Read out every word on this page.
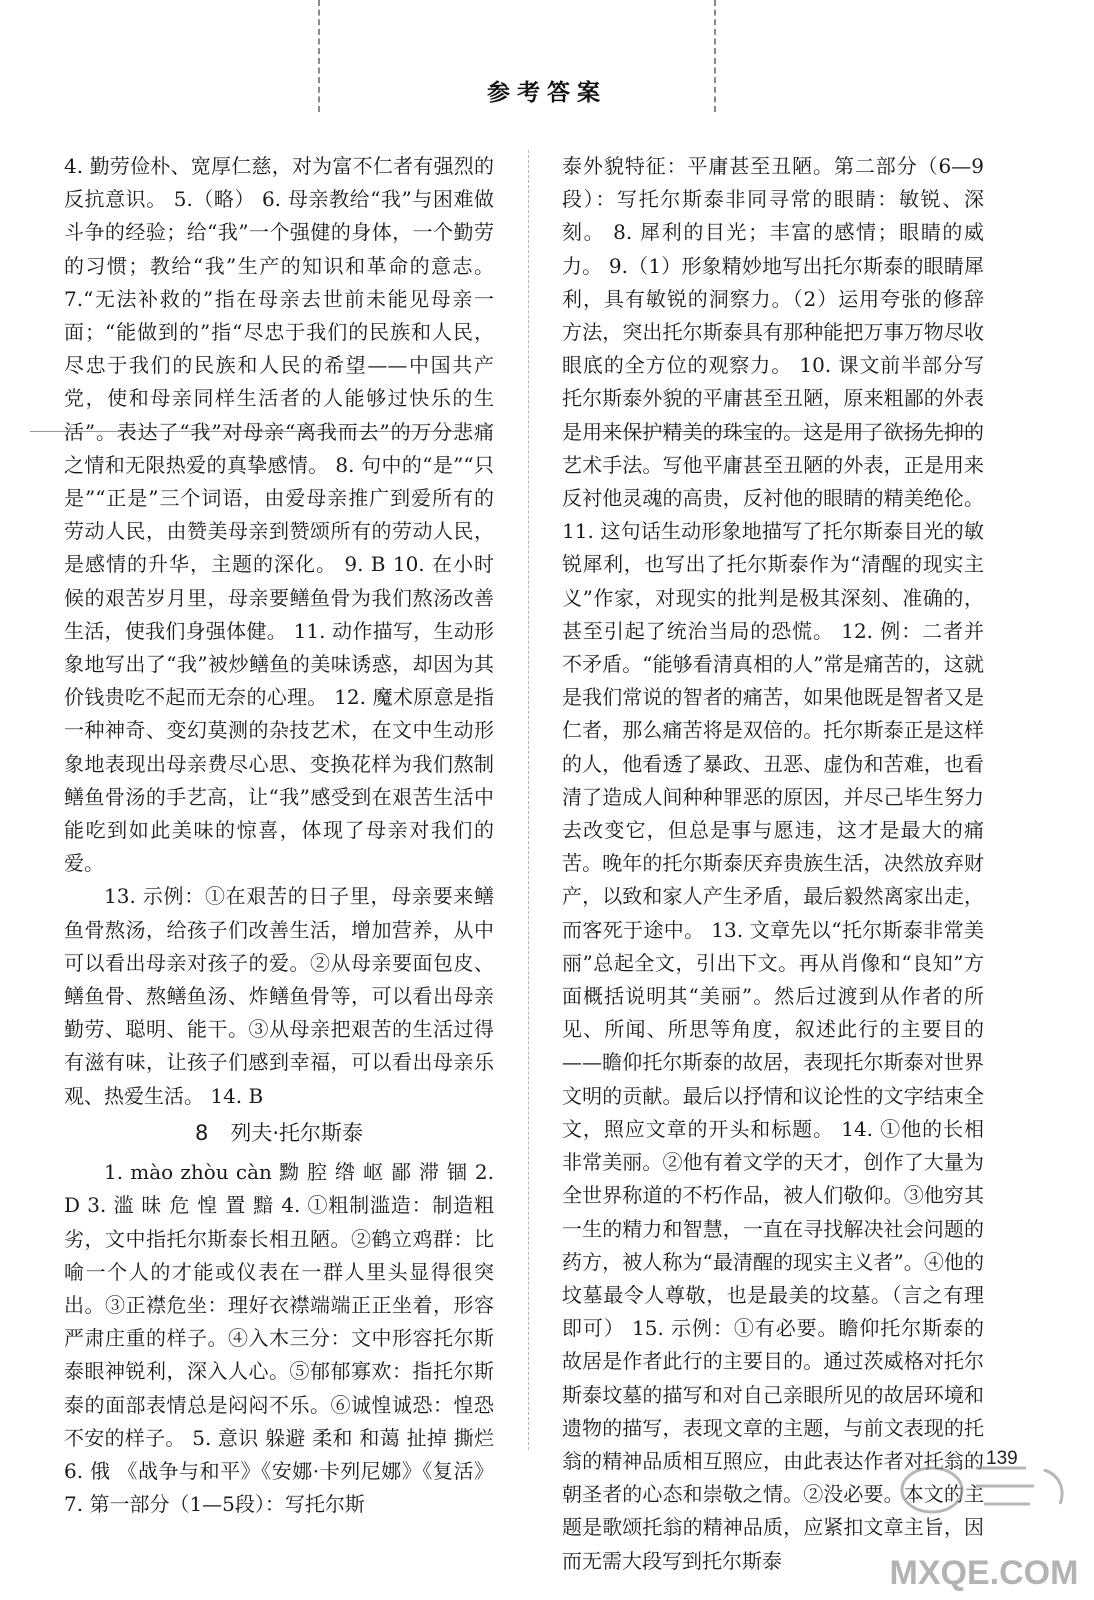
参考答案

4. 勤劳俭朴、宽厚仁慈，对为富不仁者有强烈的反抗意识。 5.（略） 6. 母亲教给“我”与困难做斗争的经验；给“我”一个强健的身体，一个勤劳的习惯；教给“我”生产的知识和革命的意志。 7.“无法补救的”指在母亲去世前未能见母亲一面；“能做到的”指“尽忠于我们的民族和人民，尽忠于我们的民族和人民的希望——中国共产党，使和母亲同样生活者的人能够过快乐的生活”。表达了“我”对母亲“离我而去”的万分悲痛之情和无限热爱的真挚感情。 8. 句中的“是”“只是”“正是”三个词语，由爱母亲推广到爱所有的劳动人民，由赞美母亲到赞颂所有的劳动人民，是感情的升华，主题的深化。 9. B 10. 在小时候的艰苦岁月里，母亲要鳝鱼骨为我们熬汤改善生活，使我们身强体健。 11. 动作描写，生动形象地写出了“我”被炒鳝鱼的美味诱惑，却因为其价钱贵吃不起而无奈的心理。 12. 魔术原意是指一种神奇、变幻莫测的杂技艺术，在文中生动形象地表现出母亲费尽心思、变换花样为我们熬制鳝鱼骨汤的手艺高，让“我”感受到在艰苦生活中能吃到如此美味的惊喜，体现了母亲对我们的爱。

13. 示例：①在艰苦的日子里，母亲要来鳝鱼骨熬汤，给孩子们改善生活，增加营养，从中可以看出母亲对孩子的爱。②从母亲要面包皮、鳝鱼骨、熬鳝鱼汤、炸鳝鱼骨等，可以看出母亲勤劳、聪明、能干。③从母亲把艰苦的生活过得有滋有味，让孩子们感到幸福，可以看出母亲乐观、热爱生活。 14. B

8 列夫·托尔斯泰

1. mào zhòu càn 黝 腔 绺 岖 鄙 滞 锢 2. D 3. 滥 昧 危 惶 置 黯 4. ①粗制滥造：制造粗劣，文中指托尔斯泰长相丑陋。②鹤立鸡群：比喻一个人的才能或仪表在一群人里头显得很突出。③正襟危坐：理好衣襟端端正正坐着，形容严肃庄重的样子。④入木三分：文中形容托尔斯泰眼神锐利，深入人心。⑤郁郁寡欢：指托尔斯泰的面部表情总是闷闷不乐。⑥诚惶诚恐：惶恐不安的样子。 5. 意识 躲避 柔和 和蔼 扯掉 撕烂 6. 俄 《战争与和平》《安娜·卡列尼娜》《复活》 7. 第一部分（1—5段）：写托尔斯

泰外貌特征：平庸甚至丑陋。第二部分（6—9段）：写托尔斯泰非同寻常的眼睛：敏锐、深刻。 8. 犀利的目光；丰富的感情；眼睛的威力。 9.（1）形象精妙地写出托尔斯泰的眼睛犀利，具有敏锐的洞察力。（2）运用夸张的修辞方法，突出托尔斯泰具有那种能把万事万物尽收眼底的全方位的观察力。 10. 课文前半部分写托尔斯泰外貌的平庸甚至丑陋，原来粗鄙的外表是用来保护精美的珠宝的。这是用了欲扬先抑的艺术手法。写他平庸甚至丑陋的外表，正是用来反衬他灵魂的高贵，反衬他的眼睛的精美绝伦。 11. 这句话生动形象地描写了托尔斯泰目光的敏锐犀利，也写出了托尔斯泰作为“清醒的现实主义”作家，对现实的批判是极其深刻、准确的，甚至引起了统治当局的恐慌。 12. 例：二者并不矛盾。“能够看清真相的人”常是痛苦的，这就是我们常说的智者的痛苦，如果他既是智者又是仁者，那么痛苦将是双倍的。托尔斯泰正是这样的人，他看透了暴政、丑恶、虚伪和苦难，也看清了造成人间种种罪恶的原因，并尽己毕生努力去改变它，但总是事与愿违，这才是最大的痛苦。晚年的托尔斯泰厌弃贵族生活，决然放弃财产，以致和家人产生矛盾，最后毅然离家出走，而客死于途中。 13. 文章先以“托尔斯泰非常美丽”总起全文，引出下文。再从肖像和“良知”方面概括说明其“美丽”。然后过渡到从作者的所见、所闻、所思等角度，叙述此行的主要目的——瞻仰托尔斯泰的故居，表现托尔斯泰对世界文明的贡献。最后以抒情和议论性的文字结束全文，照应文章的开头和标题。 14. ①他的长相非常美丽。②他有着文学的天才，创作了大量为全世界称道的不朽作品，被人们敬仰。③他穷其一生的精力和智慧，一直在寻找解决社会问题的药方，被人称为“最清醒的现实主义者”。④他的坟墓最令人尊敬，也是最美的坟墓。（言之有理即可） 15. 示例：①有必要。瞻仰托尔斯泰的故居是作者此行的主要目的。通过茨威格对托尔斯泰坟墓的描写和对自己亲眼所见的故居环境和遗物的描写，表现文章的主题，与前文表现的托翁的精神品质相互照应，由此表达作者对托翁的朝圣者的心态和崇敬之情。②没必要。本文的主题是歌颂托翁的精神品质，应紧扣文章主旨，因而无需大段写到托尔斯泰

139
MXQE.COM
